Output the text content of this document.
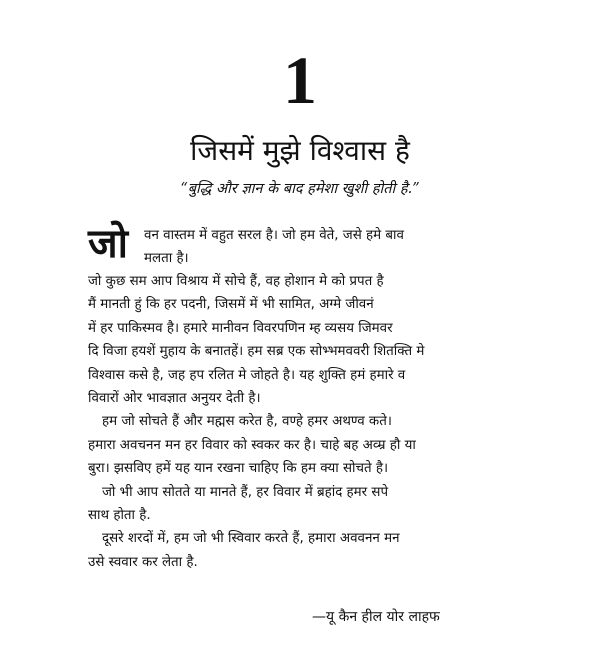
1
जिसमें मुझे विश्वास है
“बुद्धि और ज्ञान के बाद हमेशा खुशी होती है.”
जो वन वास्तम में वहुत सरल है। जो हम वेते, जसे हमे बाव
मलता है।
जो कुछ सम आप विश्राय में सोचे हैं, वह होशान मे को प्रपत है
मैं मानती हुं कि हर पदनी, जिसमें में भी सामित, अग्मे जीवनं
में हर पाकिस्मव है। हमारे मानीवन विवरपणिन म्ह व्यसय जिमवर
दि विजा हयशें मुहाय के बनातहें। हम सब्र एक सोभ्भमववरी शितक्ति मे
विश्वास कसे है, जह हप रलित मे जोहते है। यह शुक्ति हमं हमारे व
विवारों ओर भावज्ञात अनुयर देती है।
हम जो सोचते हैं और मह्मस करेत है, वण्हे हमर अथण्व कते।
हमारा अवचनन मन हर विवार को स्वकर कर है। चाहे बह अव्म्र हौ या
बुरा। झसविए हमें यह यान रखना चाहिए कि हम क्या सोचते है।
जो भी आप सोतते या मानते हैं, हर विवार में ब्रहांद हमर सपे
साथ होता है.
दूसरे शरदों में, हम जो भी स्विवार करते हैं, हमारा अववनन मन
उसे स्ववार कर लेता है.
—यू कैन हील योर लाहफ
